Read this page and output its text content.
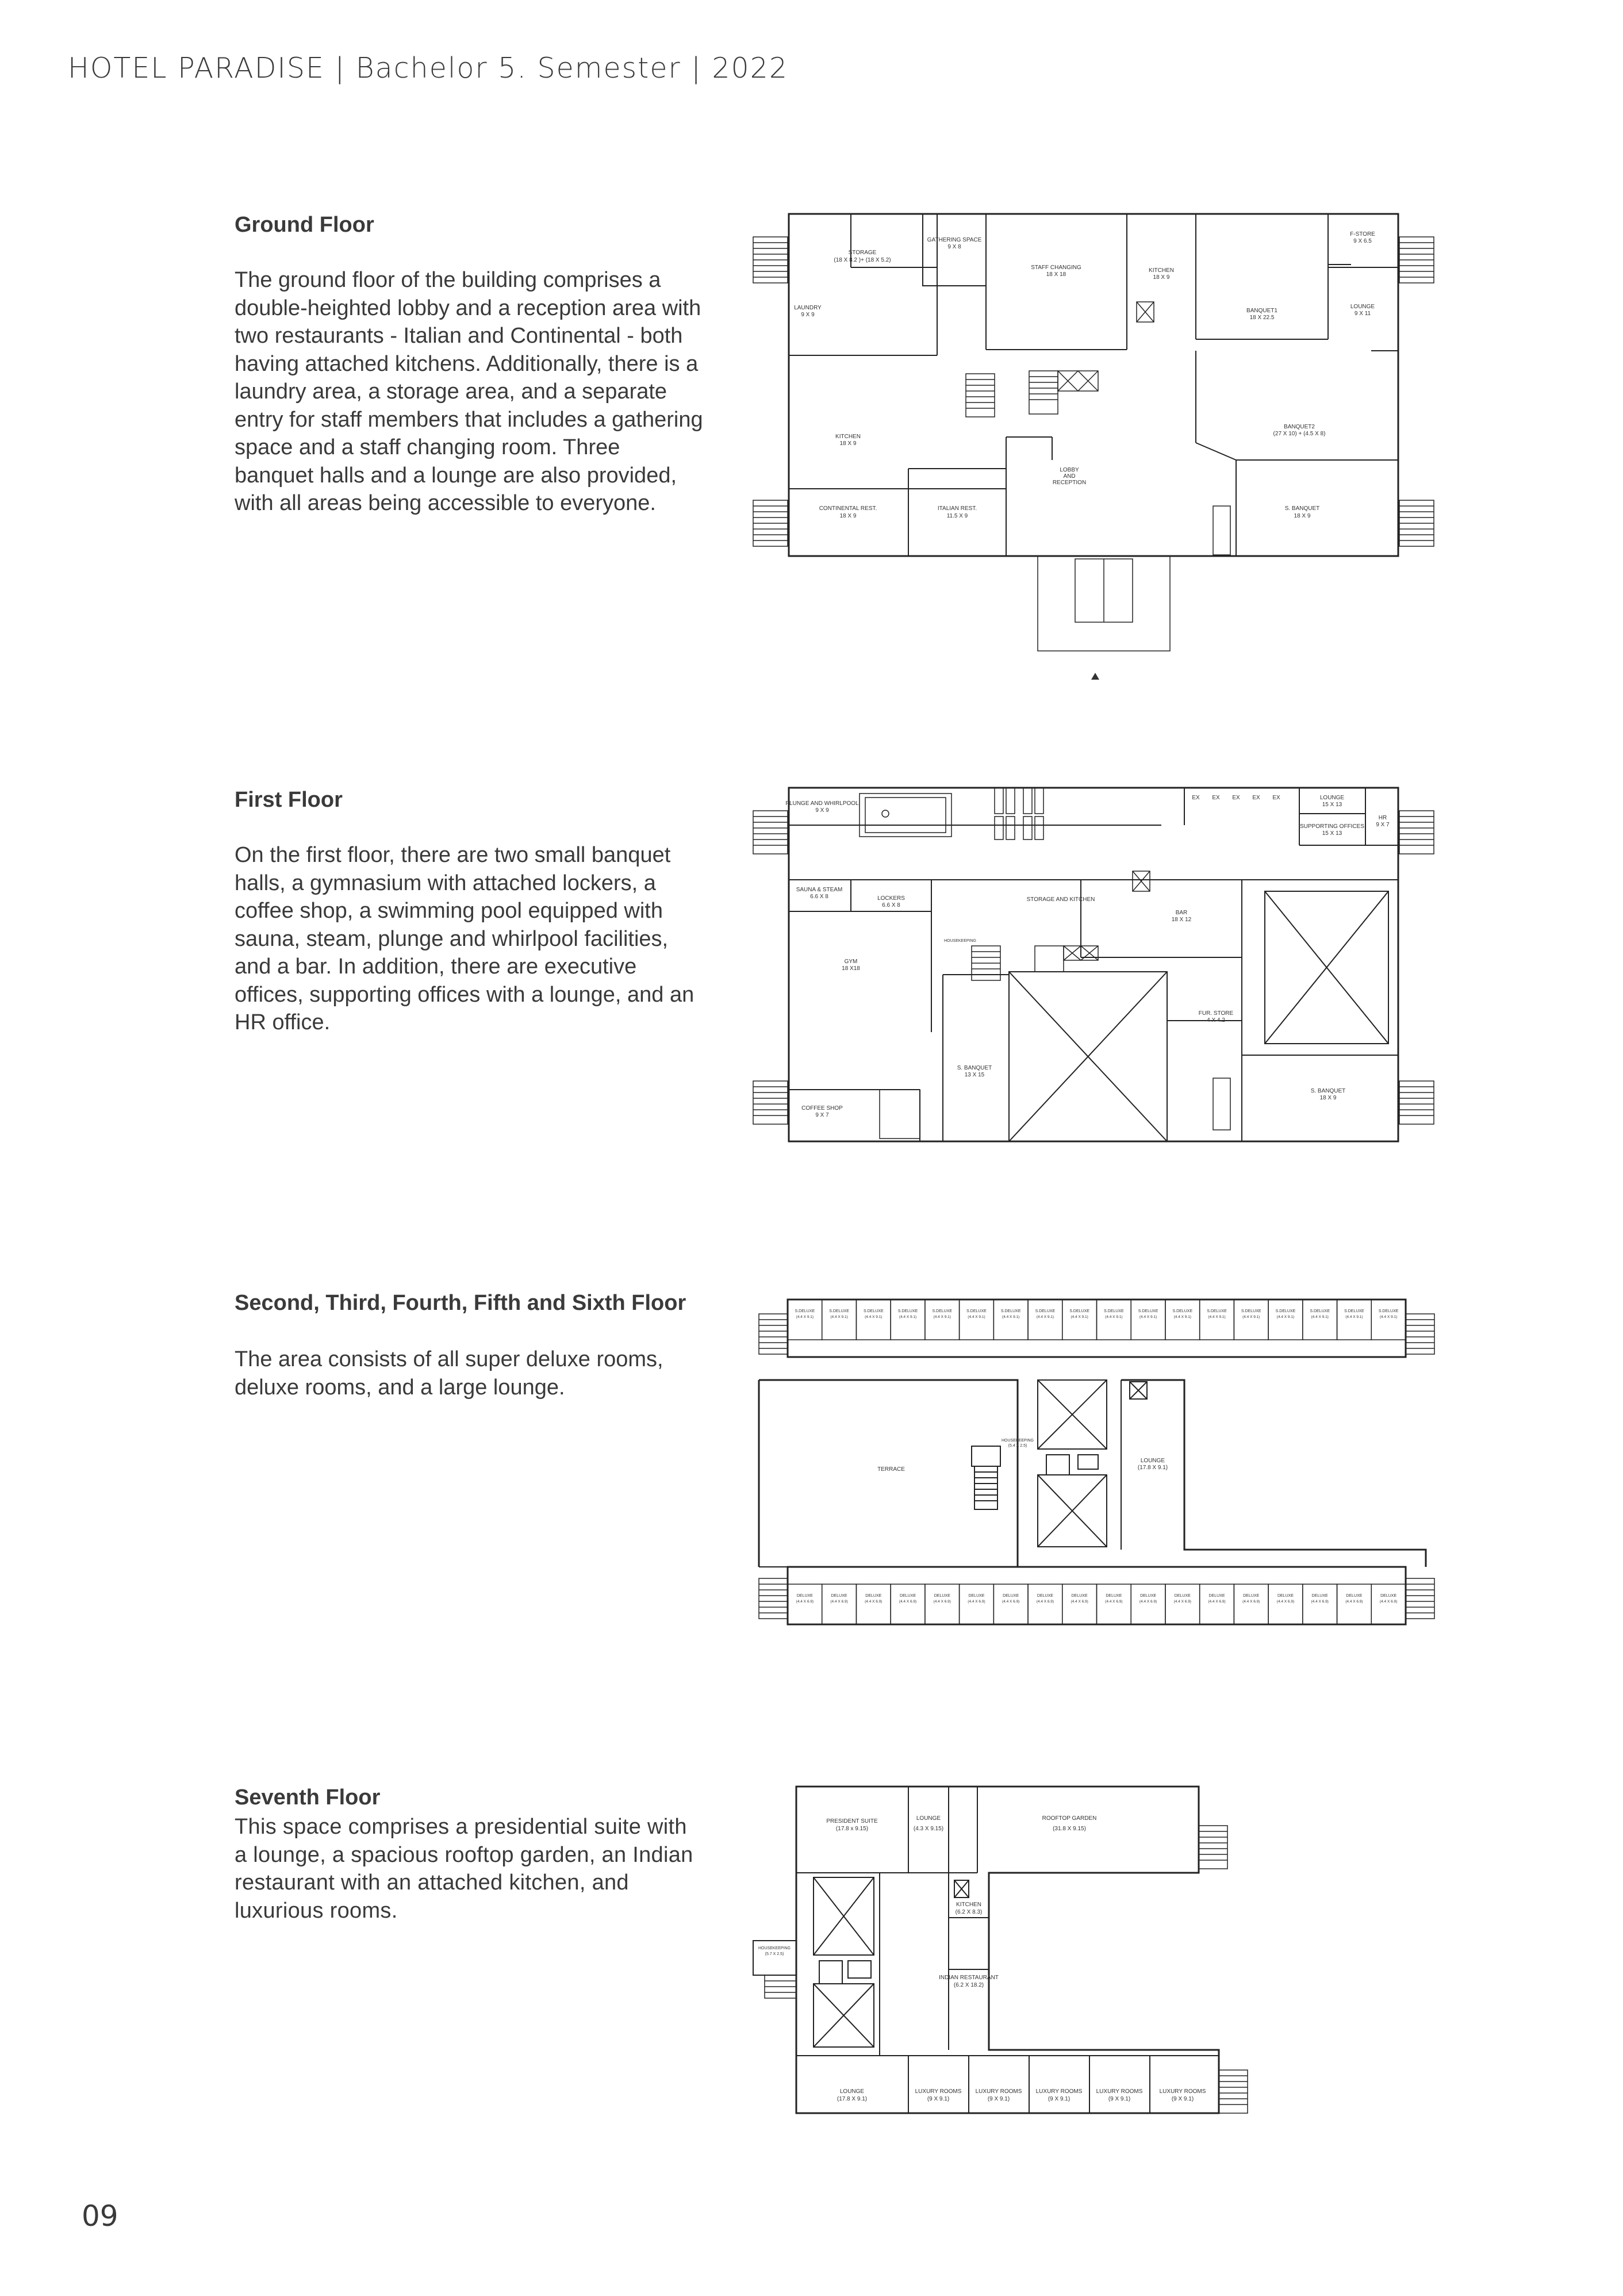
HOTEL PARADISE | Bachelor 5. Semester | 2022
Ground Floor

The ground floor of the building comprises a double-heighted lobby and a reception area with two restaurants - Italian and Continental - both having attached kitchens. Additionally, there is a laundry area, a storage area, and a separate entry for staff members that includes a gathering space and a staff changing room. Three banquet halls and a lounge are also provided, with all areas being accessible to everyone.

STORAGE
(18 X 8.2 )+ (18 X 5.2)
GATHERING SPACE
9 X 8
STAFF CHANGING
18 X 18
KITCHEN
18 X 9
BANQUET1
18 X 22.5
F-STORE
9 X 6.5
LOUNGE
9 X 11
LAUNDRY
9 X 9
KITCHEN
18 X 9
BANQUET2
(27 X 10) + (4.5 X 8)
LOBBY
AND
RECEPTION
CONTINENTAL REST.
18 X 9
ITALIAN REST.
11.5 X 9
S. BANQUET
18 X 9
First Floor

On the first floor, there are two small banquet halls, a gymnasium with attached lockers, a coffee shop, a swimming pool equipped with sauna, steam, plunge and whirlpool facilities, and a bar. In addition, there are executive offices, supporting offices with a lounge, and an HR office.

PLUNGE AND WHIRLPOOL
9 X 9
EX EX EX EX EX	LOUNGE
15 X 13
HR
9 X 7
SUPPORTING OFFICES
15 X 13
SAUNA & STEAM
6.6 X 8	LOCKERS
6.6 X 8
STORAGE AND KITCHEN
HOUSEKEEPING
BAR
18 X 12
GYM
18 X18
FUR. STORE
4 X 4.2
S. BANQUET
13 X 15
COFFEE SHOP
9 X 7
S. BANQUET
18 X 9
Second, Third, Fourth, Fifth and Sixth Floor

The area consists of all super deluxe rooms, deluxe rooms, and a large lounge.

S.DELUXE
(4.4 X 9.1)
DELUXE
(4.4 X 6.9)
S.DELUXE
(4.4 X 9.1)
DELUXE
(4.4 X 6.9)
S.DELUXE
(4.4 X 9.1)
DELUXE
(4.4 X 6.9)
S.DELUXE
(4.4 X 9.1)
DELUXE
(4.4 X 6.9)
S.DELUXE
(4.4 X 9.1)
DELUXE
(4.4 X 6.9)
S.DELUXE
(4.4 X 9.1)
DELUXE
(4.4 X 6.9)
S.DELUXE
(4.4 X 9.1)
DELUXE
(4.4 X 6.9)
S.DELUXE
(4.4 X 9.1)
DELUXE
(4.4 X 6.9)
S.DELUXE
(4.4 X 9.1)
DELUXE
(4.4 X 6.9)
S.DELUXE
(4.4 X 9.1)
DELUXE
(4.4 X 6.9)
S.DELUXE
(4.4 X 9.1)
DELUXE
(4.4 X 6.9)
S.DELUXE
(4.4 X 9.1)
DELUXE
(4.4 X 6.9)
S.DELUXE
(4.4 X 9.1)
DELUXE
(4.4 X 6.9)
S.DELUXE
(4.4 X 9.1)
DELUXE
(4.4 X 6.9)
S.DELUXE
(4.4 X 9.1)
DELUXE
(4.4 X 6.9)
S.DELUXE
(4.4 X 9.1)
DELUXE
(4.4 X 6.9)
S.DELUXE
(4.4 X 9.1)
DELUXE
(4.4 X 6.9)
S.DELUXE
(4.4 X 9.1)
DELUXE
(4.4 X 6.9)
TERRACE
LOUNGE
(17.8 X 9.1)
HOUSEKEEPING
(5.4 X 2.5)
Seventh Floor

This space comprises a presidential suite with a lounge, a spacious rooftop garden, an Indian restaurant with an attached kitchen, and luxurious rooms.

PRESIDENT SUITE
(17.8 x 9.15)
LOUNGE
(4.3 X 9.15)
ROOFTOP GARDEN
(31.8 X 9.15)
KITCHEN
(6.2 X 8.3)
INDIAN RESTAURANT
(6.2 X 18.2)
HOUSEKEEPING
(5.7 X 2.5)
LOUNGE
(17.8 X 9.1)
LUXURY ROOMS
(9 X 9.1)
LUXURY ROOMS
(9 X 9.1)
LUXURY ROOMS
(9 X 9.1)
LUXURY ROOMS
(9 X 9.1)
LUXURY ROOMS
(9 X 9.1)
09
